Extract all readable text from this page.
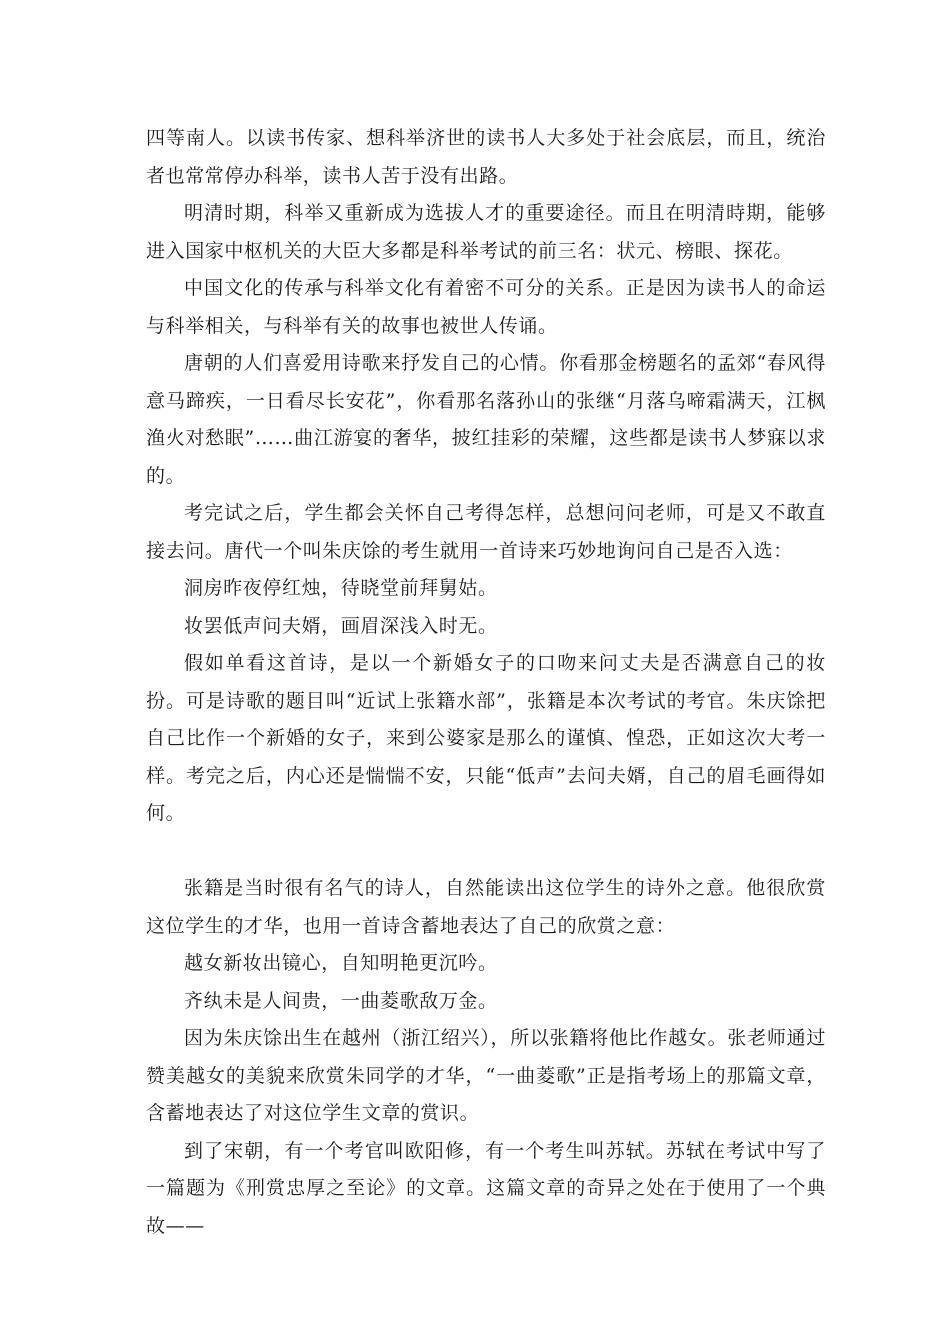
四等南人。以读书传家、想科举济世的读书人大多处于社会底层，而且，统治者也常常停办科举，读书人苦于没有出路。

明清时期，科举又重新成为选拔人才的重要途径。而且在明清時期，能够进入国家中枢机关的大臣大多都是科举考试的前三名：状元、榜眼、探花。

中国文化的传承与科举文化有着密不可分的关系。正是因为读书人的命运与科举相关，与科举有关的故事也被世人传诵。

唐朝的人们喜爱用诗歌来抒发自己的心情。你看那金榜题名的孟郊“春风得意马蹄疾，一日看尽长安花”，你看那名落孙山的张继“月落乌啼霜满天，江枫渔火对愁眠”……曲江游宴的奢华，披红挂彩的荣耀，这些都是读书人梦寐以求的。

考完试之后，学生都会关怀自己考得怎样，总想问问老师，可是又不敢直接去问。唐代一个叫朱庆馀的考生就用一首诗来巧妙地询问自己是否入选：

洞房昨夜停红烛，待晓堂前拜舅姑。

妆罢低声问夫婿，画眉深浅入时无。

假如单看这首诗，是以一个新婚女子的口吻来问丈夫是否满意自己的妆扮。可是诗歌的题目叫“近试上张籍水部”，张籍是本次考试的考官。朱庆馀把自己比作一个新婚的女子，来到公婆家是那么的谨慎、惶恐，正如这次大考一样。考完之后，内心还是惴惴不安，只能“低声”去问夫婿，自己的眉毛画得如何。

张籍是当时很有名气的诗人，自然能读出这位学生的诗外之意。他很欣赏这位学生的才华，也用一首诗含蓄地表达了自己的欣赏之意：

越女新妆出镜心，自知明艳更沉吟。

齐纨未是人间贵，一曲菱歌敌万金。

因为朱庆馀出生在越州（浙江绍兴），所以张籍将他比作越女。张老师通过赞美越女的美貌来欣赏朱同学的才华，“一曲菱歌”正是指考场上的那篇文章，含蓄地表达了对这位学生文章的赏识。

到了宋朝，有一个考官叫欧阳修，有一个考生叫苏轼。苏轼在考试中写了一篇题为《刑赏忠厚之至论》的文章。这篇文章的奇异之处在于使用了一个典故——
